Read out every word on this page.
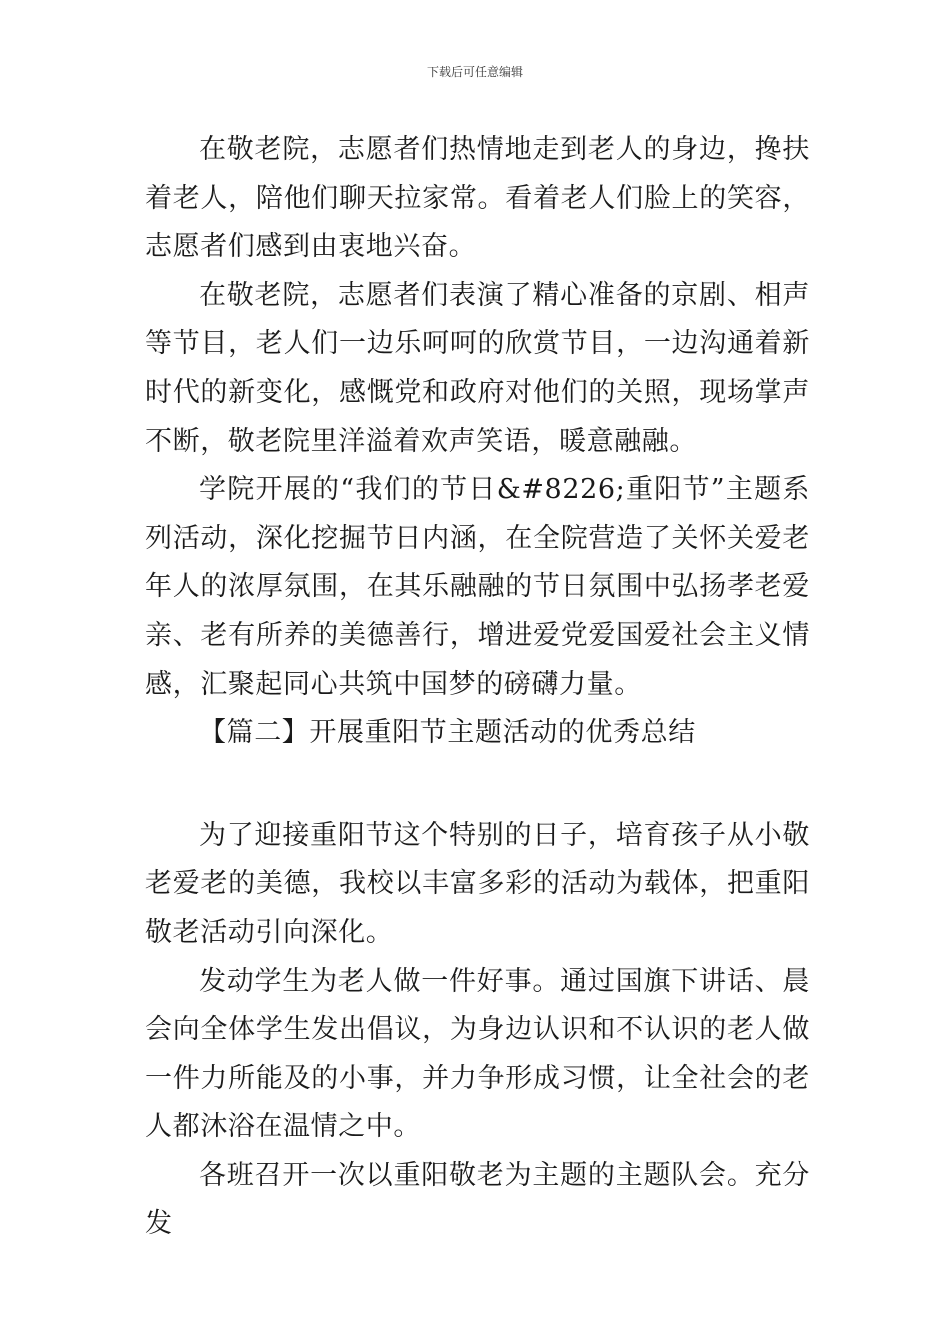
下载后可任意编辑

在敬老院，志愿者们热情地走到老人的身边，搀扶着老人，陪他们聊天拉家常。看着老人们脸上的笑容，志愿者们感到由衷地兴奋。

在敬老院，志愿者们表演了精心准备的京剧、相声等节目，老人们一边乐呵呵的欣赏节目，一边沟通着新时代的新变化，感慨党和政府对他们的关照，现场掌声不断，敬老院里洋溢着欢声笑语，暖意融融。

学院开展的“我们的节日&#8226;重阳节”主题系列活动，深化挖掘节日内涵，在全院营造了关怀关爱老年人的浓厚氛围，在其乐融融的节日氛围中弘扬孝老爱亲、老有所养的美德善行，增进爱党爱国爱社会主义情感，汇聚起同心共筑中国梦的磅礴力量。

【篇二】开展重阳节主题活动的优秀总结

为了迎接重阳节这个特别的日子，培育孩子从小敬老爱老的美德，我校以丰富多彩的活动为载体，把重阳敬老活动引向深化。

发动学生为老人做一件好事。通过国旗下讲话、晨会向全体学生发出倡议，为身边认识和不认识的老人做一件力所能及的小事，并力争形成习惯，让全社会的老人都沐浴在温情之中。

各班召开一次以重阳敬老为主题的主题队会。充分发
